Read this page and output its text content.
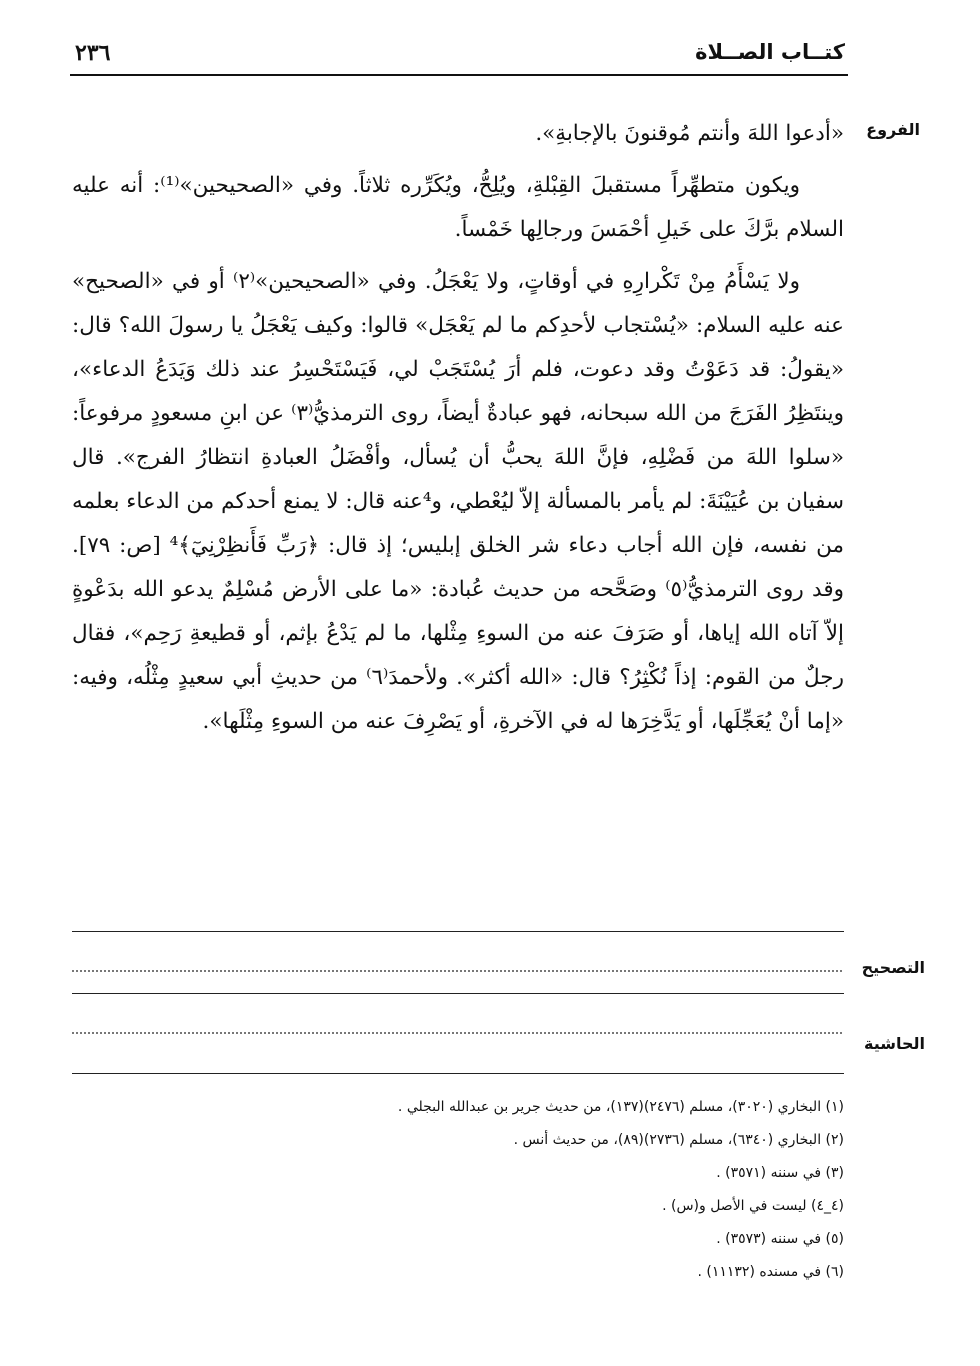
٢٣٦	كتــاب الصــلاة
الفروع

«أدعوا اللهَ وأنتم مُوقنونَ بالإجابةِ».

ويكون متطهِّراً مستقبلَ القِبْلةِ، ويُلِحُّ، ويُكَرِّره ثلاثاً. وفي «الصحيحين»⁽¹⁾: أنه عليه السلام برَّكَ على خَيلِ أحْمَسَ ورجالِها خَمْساً.

ولا يَسْأَمُ مِنْ تَكْرارِهِ في أوقاتٍ، ولا يَعْجَلُ. وفي «الصحيحين»⁽٢⁾ أو في «الصحيح» عنه عليه السلام: «يُسْتجاب لأحدِكم ما لم يَعْجَل» قالوا: وكيف يَعْجَلُ يا رسولَ الله؟ قال: «يقولُ: قد دَعَوْتُ وقد دعوت، فلم أرَ يُسْتَجَبْ لي، فَيَسْتَحْسِرُ عند ذلك وَيَدَعُ الدعاء»، وينتَظِرُ الفَرَجَ من الله سبحانه، فهو عبادةٌ أيضاً، روى الترمذيُّ⁽٣⁾ عن ابنِ مسعودٍ مرفوعاً: «سلوا اللهَ من فَضْلِهِ، فإنَّ اللهَ يحبُّ أن يُسأل، وأفْضَلُ العبادةِ انتظارُ الفرج». قال سفيان بن عُيَيْنَةَ: لم يأمر بالمسألة إلاّ ليُعْطي، و⁴عنه قال: لا يمنع أحدكم من الدعاء بعلمه من نفسه، فإن الله أجاب دعاء شر الخلق إبليس؛ إذ قال: ﴿رَبِّ فَأَنظِرْنِيٓ﴾⁴ [ص: ٧٩]. وقد روى الترمذيُّ⁽٥⁾ وصَحَّحه من حديث عُبادة: «ما على الأرض مُسْلِمٌ يدعو الله بدَعْوةٍ إلاّ آتاه الله إياها، أو صَرَفَ عنه من السوءِ مِثْلها، ما لم يَدْعُ بإثم، أو قطيعةِ رَحِم»، فقال رجلٌ من القوم: إذاً نُكْثِرُ؟ قال: «الله أكثر». ولأحمدَ⁽٦⁾ من حديثِ أبي سعيدٍ مِثْلُه، وفيه: «إما أنْ يُعَجِّلَها، أو يَدَّخِرَها له في الآخرةِ، أو يَصْرِفَ عنه من السوءِ مِثْلَها».

التصحيح
الحاشية
(١) البخاري (٣٠٢٠)، مسلم (٢٤٧٦)(١٣٧)، من حديث جرير بن عبدالله البجلي .
(٢) البخاري (٦٣٤٠)، مسلم (٢٧٣٦)(٨٩)، من حديث أنس .
(٣) في سننه (٣٥٧١) .
(٤_٤) ليست في الأصل و(س) .
(٥) في سننه (٣٥٧٣) .
(٦) في مسنده (١١١٣٢) .
